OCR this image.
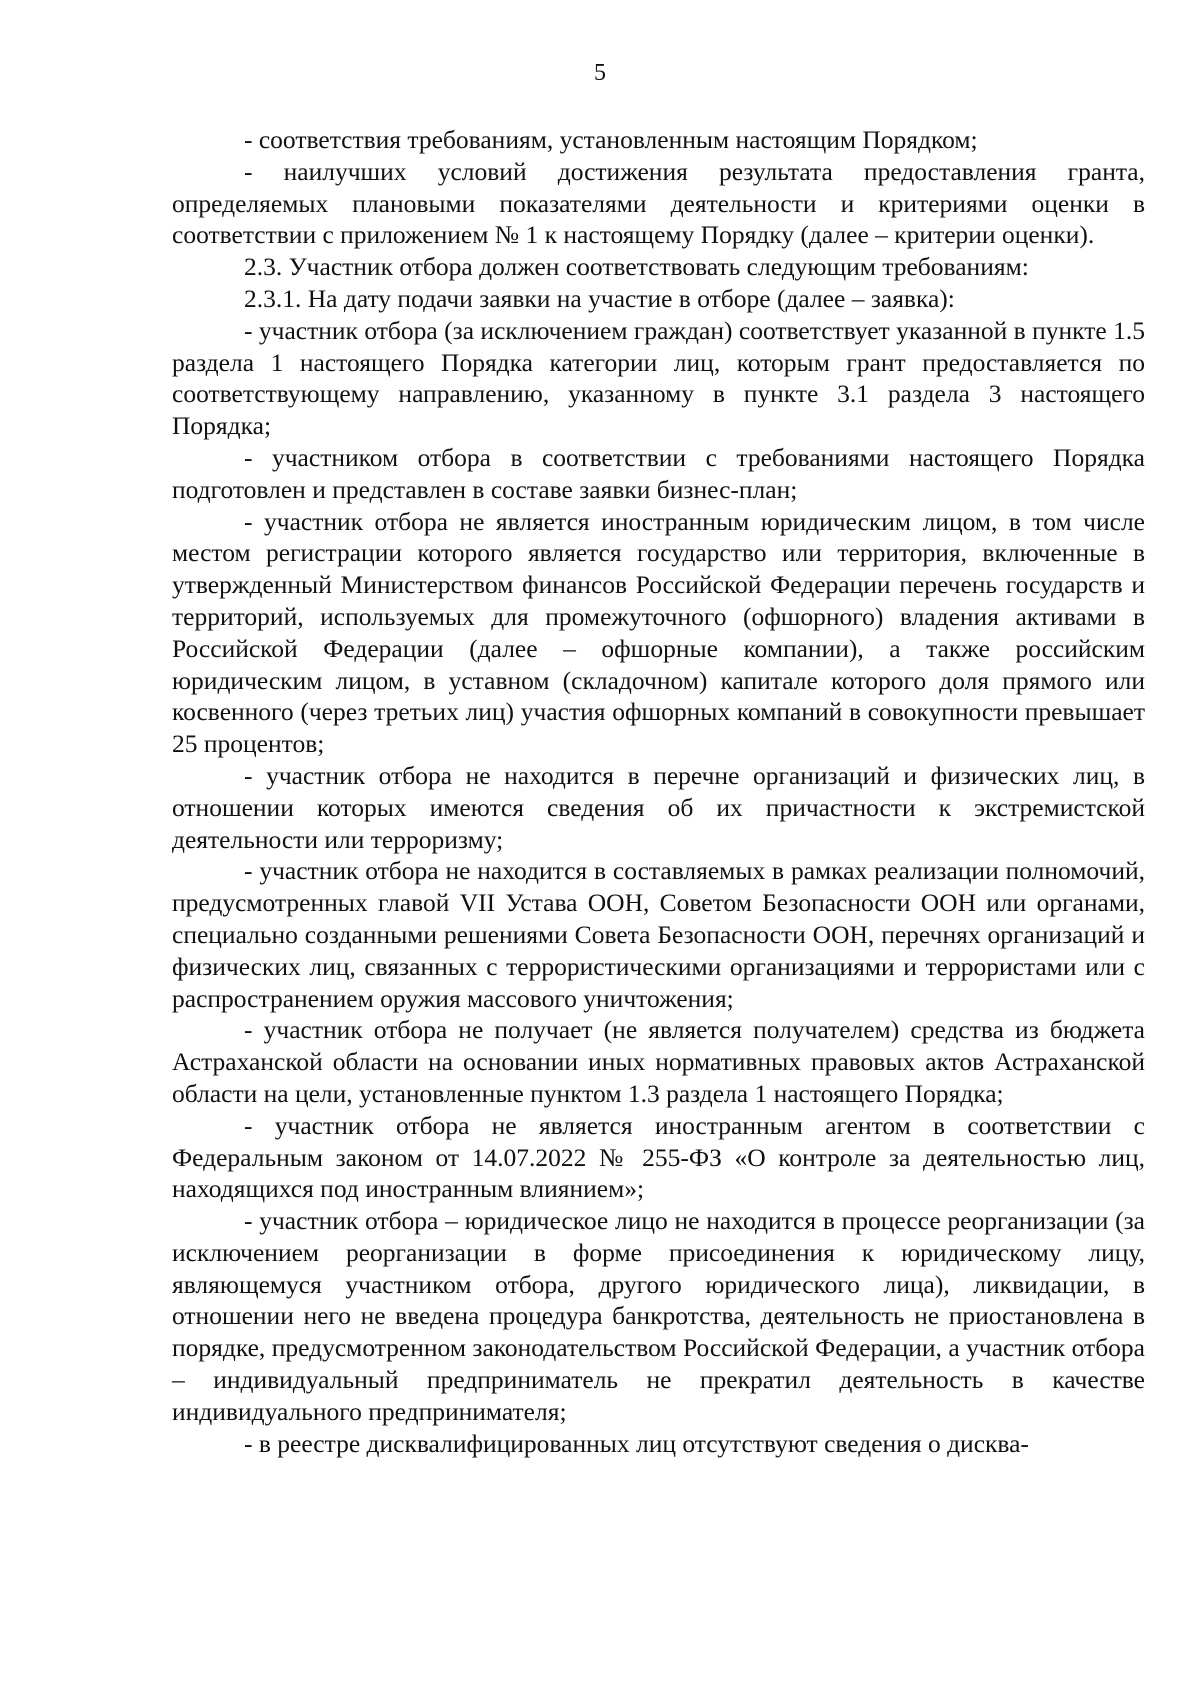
5

- соответствия требованиям, установленным настоящим Порядком;

- наилучших условий достижения результата предоставления гранта, определяемых плановыми показателями деятельности и критериями оценки в соответствии с приложением № 1 к настоящему Порядку (далее – критерии оценки).

2.3. Участник отбора должен соответствовать следующим требованиям:

2.3.1. На дату подачи заявки на участие в отборе (далее – заявка):

- участник отбора (за исключением граждан) соответствует указанной в пункте 1.5 раздела 1 настоящего Порядка категории лиц, которым грант предоставляется по соответствующему направлению, указанному в пункте 3.1 раздела 3 настоящего Порядка;

- участником отбора в соответствии с требованиями настоящего Порядка подготовлен и представлен в составе заявки бизнес-план;

- участник отбора не является иностранным юридическим лицом, в том числе местом регистрации которого является государство или территория, включенные в утвержденный Министерством финансов Российской Федерации перечень государств и территорий, используемых для промежуточного (офшорного) владения активами в Российской Федерации (далее – офшорные компании), а также российским юридическим лицом, в уставном (складочном) капитале которого доля прямого или косвенного (через третьих лиц) участия офшорных компаний в совокупности превышает 25 процентов;

- участник отбора не находится в перечне организаций и физических лиц, в отношении которых имеются сведения об их причастности к экстремистской деятельности или терроризму;

- участник отбора не находится в составляемых в рамках реализации полномочий, предусмотренных главой VII Устава ООН, Советом Безопасности ООН или органами, специально созданными решениями Совета Безопасности ООН, перечнях организаций и физических лиц, связанных с террористическими организациями и террористами или с распространением оружия массового уничтожения;

- участник отбора не получает (не является получателем) средства из бюджета Астраханской области на основании иных нормативных правовых актов Астраханской области на цели, установленные пунктом 1.3 раздела 1 настоящего Порядка;

- участник отбора не является иностранным агентом в соответствии с Федеральным законом от 14.07.2022 № 255-ФЗ «О контроле за деятельностью лиц, находящихся под иностранным влиянием»;

- участник отбора – юридическое лицо не находится в процессе реорганизации (за исключением реорганизации в форме присоединения к юридическому лицу, являющемуся участником отбора, другого юридического лица), ликвидации, в отношении него не введена процедура банкротства, деятельность не приостановлена в порядке, предусмотренном законодательством Российской Федерации, а участник отбора – индивидуальный предприниматель не прекратил деятельность в качестве индивидуального предпринимателя;

- в реестре дисквалифицированных лиц отсутствуют сведения о дисква-
